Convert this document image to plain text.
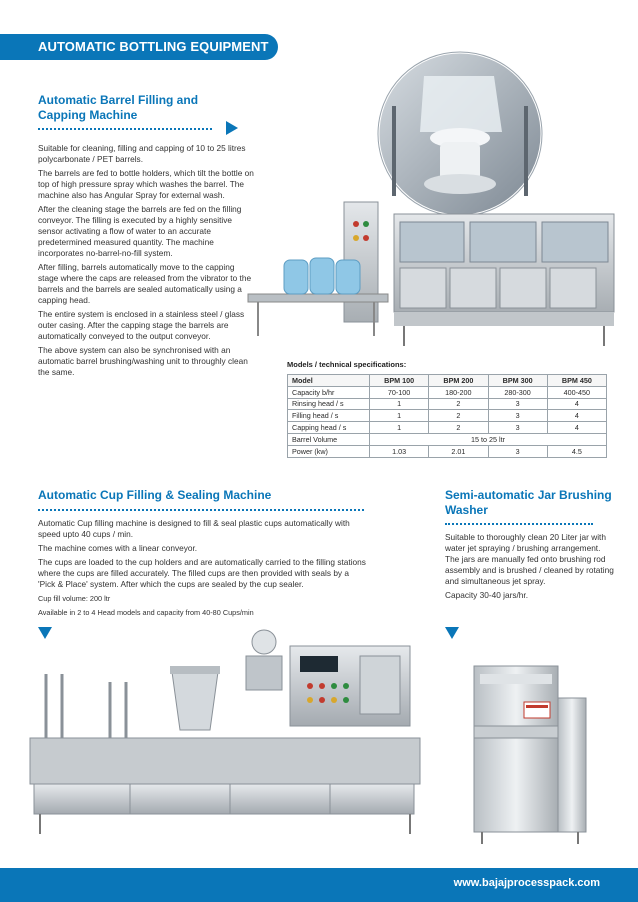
AUTOMATIC BOTTLING EQUIPMENT
Automatic Barrel Filling and Capping Machine

Suitable for cleaning, filling and capping of 10 to 25 litres polycarbonate / PET barrels.

The barrels are fed to bottle holders, which tilt the bottle on top of high pressure spray which washes the barrel. The machine also has Angular Spray for external wash.

After the cleaning stage the barrels are fed on the filling conveyor. The filling is executed by a highly sensitive sensor activating a flow of water to an accurate predetermined measured quantity. The machine incorporates no-barrel-no-fill system.

After filling, barrels automatically move to the capping stage where the caps are released from the vibrator to the barrels and the barrels are sealed automatically using a capping head.

The entire system is enclosed in a stainless steel / glass outer casing. After the capping stage the barrels are automatically conveyed to the output conveyor.

The above system can also be synchronised with an automatic barrel brushing/washing unit to throughly clean the same.

Models / technical specifications:
Model	BPM 100	BPM 200	BPM 300	BPM 450
Capacity b/hr	70-100	180-200	280-300	400-450
Rinsing head / s	1	2	3	4
Filling head / s	1	2	3	4
Capping head / s	1	2	3	4
Barrel Volume	15 to 25 ltr			
Power (kw)	1.03	2.01	3	4.5
Automatic Cup Filling & Sealing Machine

Automatic Cup filling machine is designed to fill & seal plastic cups automatically with speed upto 40 cups / min.

The machine comes with a linear conveyor.

The cups are loaded to the cup holders and are automatically carried to the filling stations where the cups are filled accurately. The filled cups are then provided with seals by a 'Pick & Place' system. After which the cups are sealed by the cup sealer.

Cup fill volume: 200 ltr

Available in 2 to 4 Head models and capacity from 40-80 Cups/min

Semi-automatic Jar Brushing Washer

Suitable to thoroughly clean 20 Liter jar with water jet spraying / brushing arrangement. The jars are manually fed onto brushing rod assembly and is brushed / cleaned by rotating and simultaneous jet spray.

Capacity 30-40 jars/hr.

www.bajajprocesspack.com
